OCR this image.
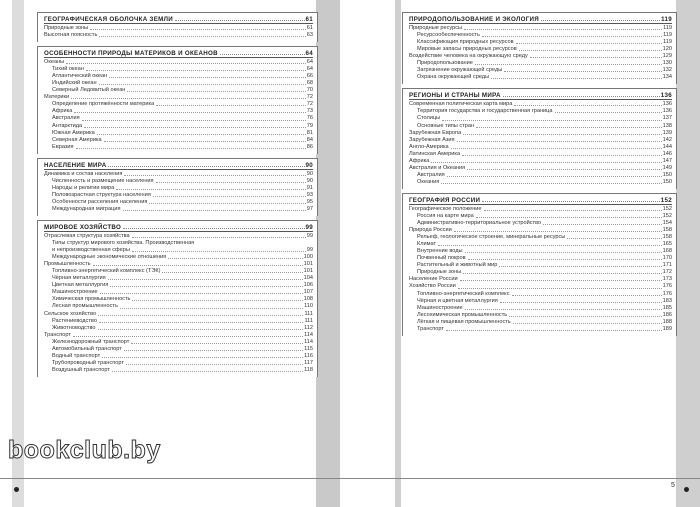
ГЕОГРАФИЧЕСКАЯ ОБОЛОЧКА ЗЕМЛИ	61
Природные зоны	61
Высотная поясность	63
ОСОБЕННОСТИ ПРИРОДЫ МАТЕРИКОВ И ОКЕАНОВ	64
Океаны	64
Тихий океан	64
Атлантический океан	66
Индийский океан	68
Северный Ледовитый океан	70
Материки	72
Определение протяжённости материка	72
Африка	73
Австралия	76
Антарктида	79
Южная Америка	81
Северная Америка	84
Евразия	86
НАСЕЛЕНИЕ МИРА	90
Динамика и состав населения	90
Численность и размещение населения	90
Народы и религии мира	91
Половозрастная структура населения	93
Особенности расселения населения	95
Международная миграция	97
МИРОВОЕ ХОЗЯЙСТВО	99
Отраслевая структура хозяйства	99
Типы структур мирового хозяйства. Производственная
и непроизводственная сферы	99
Международные экономические отношения	100
Промышленность	101
Топливно-энергетический комплекс (ТЭК)	101
Чёрная металлургия	104
Цветная металлургия	106
Машиностроение	107
Химическая промышленность	108
Лесная промышленность	110
Сельское хозяйство	111
Растениеводство	111
Животноводство	112
Транспорт	114
Железнодорожный транспорт	114
Автомобильный транспорт	115
Водный транспорт	116
Трубопроводный транспорт	117
Воздушный транспорт	118
ПРИРОДОПОЛЬЗОВАНИЕ И ЭКОЛОГИЯ	119
Природные ресурсы	119
Ресурсообеспеченность	119
Классификация природных ресурсов	119
Мировые запасы природных ресурсов	120
Воздействие человека на окружающую среду	129
Природопользование	130
Загрязнение окружающей среды	132
Охрана окружающей среды	134
РЕГИОНЫ И СТРАНЫ МИРА	136
Современная политическая карта мира	136
Территория государства и государственная граница	136
Столицы	137
Основные типы стран	138
Зарубежная Европа	139
Зарубежная Азия	142
Англо-Америка	144
Латинская Америка	146
Африка	147
Австралия и Океания	149
Австралия	150
Океания	150
ГЕОГРАФИЯ РОССИИ	152
Географическое положение	152
Россия на карте мира	152
Административно-территориальное устройство	154
Природа России	158
Рельеф, геологическое строение, минеральные ресурсы	158
Климат	165
Внутренние воды	168
Почвенный покров	170
Растительный и животный мир	171
Природные зоны	172
Население России	173
Хозяйство России	176
Топливно-энергетический комплекс	176
Чёрная и цветная металлургия	183
Машиностроение	185
Лесохимическая промышленность	186
Лёгкая и пищевая промышленность	188
Транспорт	189
bookclub.by
5
